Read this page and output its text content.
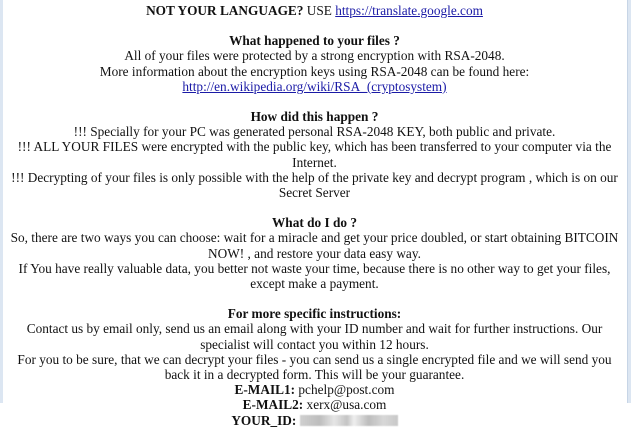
NOT YOUR LANGUAGE? USE https://translate.google.com
What happened to your files ?
All of your files were protected by a strong encryption with RSA-2048.
More information about the encryption keys using RSA-2048 can be found here: http://en.wikipedia.org/wiki/RSA_(cryptosystem)
How did this happen ?
!!! Specially for your PC was generated personal RSA-2048 KEY, both public and private.
!!! ALL YOUR FILES were encrypted with the public key, which has been transferred to your computer via the Internet.
!!! Decrypting of your files is only possible with the help of the private key and decrypt program , which is on our Secret Server
What do I do ?
So, there are two ways you can choose: wait for a miracle and get your price doubled, or start obtaining BITCOIN NOW! , and restore your data easy way.
If You have really valuable data, you better not waste your time, because there is no other way to get your files, except make a payment.
For more specific instructions:
Contact us by email only, send us an email along with your ID number and wait for further instructions. Our specialist will contact you within 12 hours.
For you to be sure, that we can decrypt your files - you can send us a single encrypted file and we will send you back it in a decrypted form. This will be your guarantee.
E-MAIL1: pchelp@post.com
E-MAIL2: xerx@usa.com
YOUR_ID:
